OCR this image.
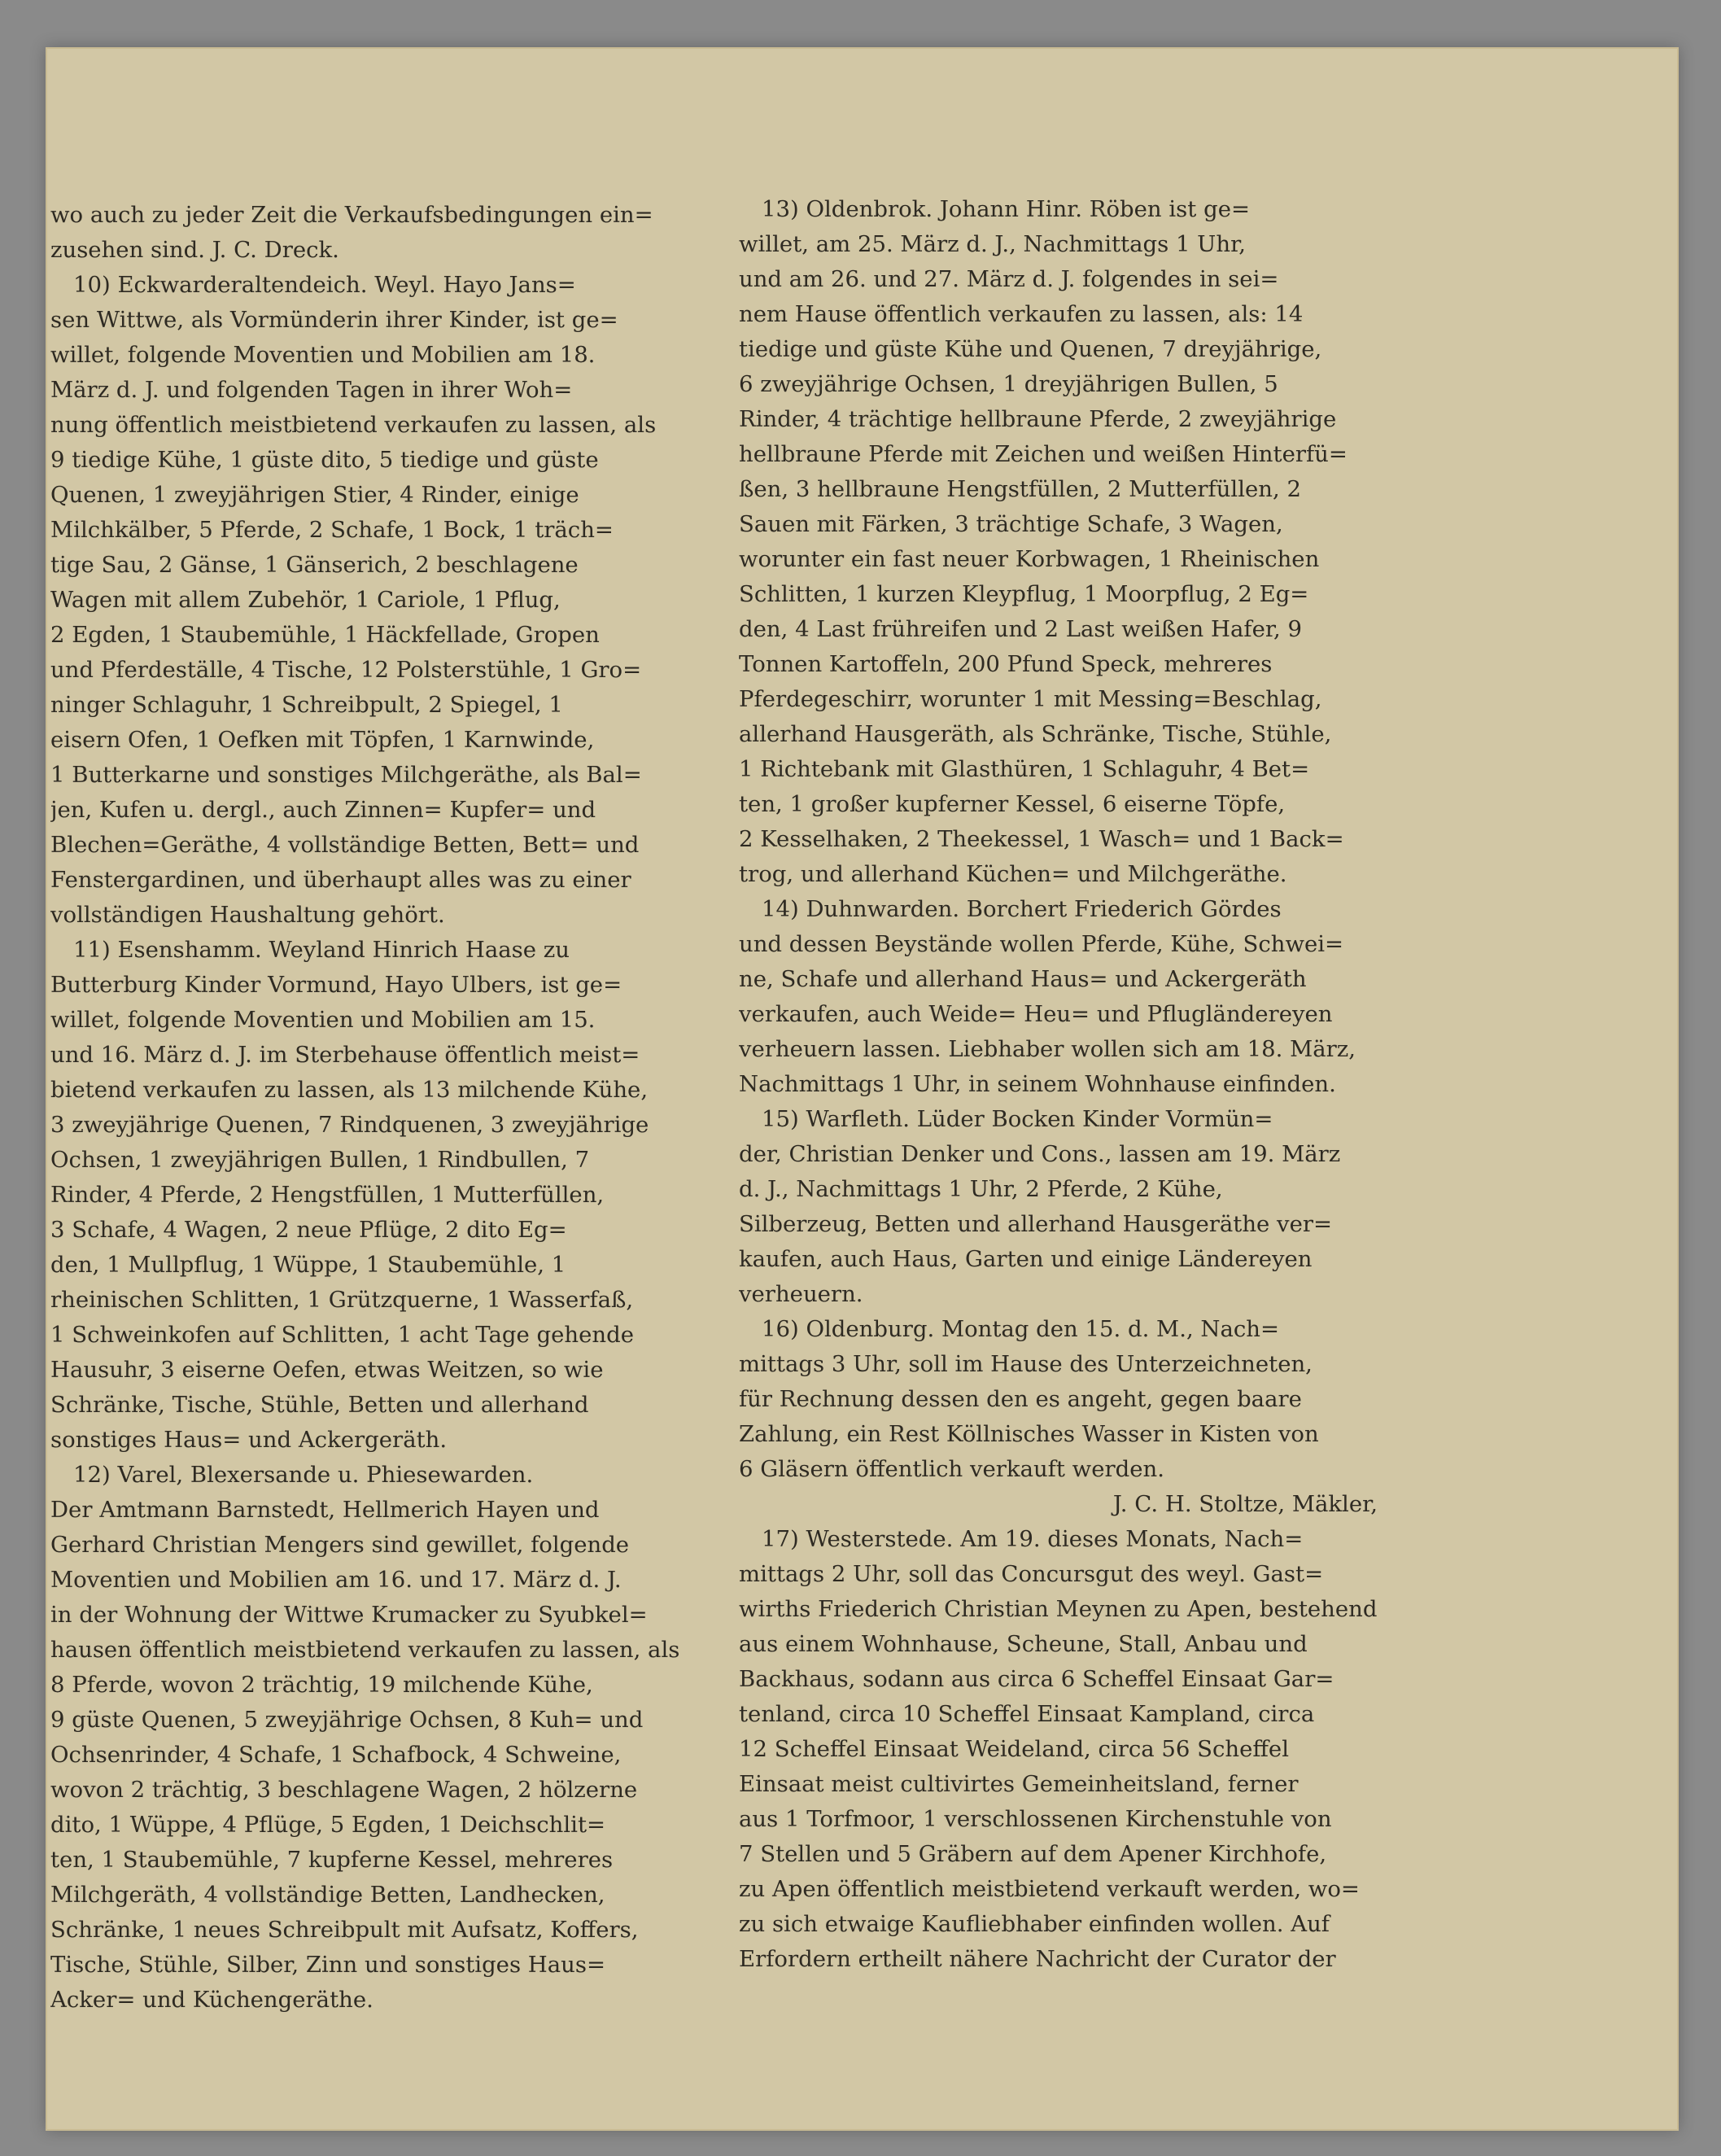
wo auch zu jeder Zeit die Verkaufsbedingungen ein=
zusehen sind. J. C. Dreck.
10) Eckwarderaltendeich. Weyl. Hayo Jans=
sen Wittwe, als Vormünderin ihrer Kinder, ist ge=
willet, folgende Moventien und Mobilien am 18.
März d. J. und folgenden Tagen in ihrer Woh=
nung öffentlich meistbietend verkaufen zu lassen, als
9 tiedige Kühe, 1 güste dito, 5 tiedige und güste
Quenen, 1 zweyjährigen Stier, 4 Rinder, einige
Milchkälber, 5 Pferde, 2 Schafe, 1 Bock, 1 träch=
tige Sau, 2 Gänse, 1 Gänserich, 2 beschlagene
Wagen mit allem Zubehör, 1 Cariole, 1 Pflug,
2 Egden, 1 Staubemühle, 1 Häckfellade, Gropen
und Pferdeställe, 4 Tische, 12 Polsterstühle, 1 Gro=
ninger Schlaguhr, 1 Schreibpult, 2 Spiegel, 1
eisern Ofen, 1 Oefken mit Töpfen, 1 Karnwinde,
1 Butterkarne und sonstiges Milchgeräthe, als Bal=
jen, Kufen u. dergl., auch Zinnen= Kupfer= und
Blechen=Geräthe, 4 vollständige Betten, Bett= und
Fenstergardinen, und überhaupt alles was zu einer
vollständigen Haushaltung gehört.
11) Esenshamm. Weyland Hinrich Haase zu
Butterburg Kinder Vormund, Hayo Ulbers, ist ge=
willet, folgende Moventien und Mobilien am 15.
und 16. März d. J. im Sterbehause öffentlich meist=
bietend verkaufen zu lassen, als 13 milchende Kühe,
3 zweyjährige Quenen, 7 Rindquenen, 3 zweyjährige
Ochsen, 1 zweyjährigen Bullen, 1 Rindbullen, 7
Rinder, 4 Pferde, 2 Hengstfüllen, 1 Mutterfüllen,
3 Schafe, 4 Wagen, 2 neue Pflüge, 2 dito Eg=
den, 1 Mullpflug, 1 Wüppe, 1 Staubemühle, 1
rheinischen Schlitten, 1 Grützquerne, 1 Wasserfaß,
1 Schweinkofen auf Schlitten, 1 acht Tage gehende
Hausuhr, 3 eiserne Oefen, etwas Weitzen, so wie
Schränke, Tische, Stühle, Betten und allerhand
sonstiges Haus= und Ackergeräth.
12) Varel, Blexersande u. Phiesewarden.
Der Amtmann Barnstedt, Hellmerich Hayen und
Gerhard Christian Mengers sind gewillet, folgende
Moventien und Mobilien am 16. und 17. März d. J.
in der Wohnung der Wittwe Krumacker zu Syubkel=
hausen öffentlich meistbietend verkaufen zu lassen, als
8 Pferde, wovon 2 trächtig, 19 milchende Kühe,
9 güste Quenen, 5 zweyjährige Ochsen, 8 Kuh= und
Ochsenrinder, 4 Schafe, 1 Schafbock, 4 Schweine,
wovon 2 trächtig, 3 beschlagene Wagen, 2 hölzerne
dito, 1 Wüppe, 4 Pflüge, 5 Egden, 1 Deichschlit=
ten, 1 Staubemühle, 7 kupferne Kessel, mehreres
Milchgeräth, 4 vollständige Betten, Landhecken,
Schränke, 1 neues Schreibpult mit Aufsatz, Koffers,
Tische, Stühle, Silber, Zinn und sonstiges Haus=
Acker= und Küchengeräthe.
13) Oldenbrok. Johann Hinr. Röben ist ge=
willet, am 25. März d. J., Nachmittags 1 Uhr,
und am 26. und 27. März d. J. folgendes in sei=
nem Hause öffentlich verkaufen zu lassen, als: 14
tiedige und güste Kühe und Quenen, 7 dreyjährige,
6 zweyjährige Ochsen, 1 dreyjährigen Bullen, 5
Rinder, 4 trächtige hellbraune Pferde, 2 zweyjährige
hellbraune Pferde mit Zeichen und weißen Hinterfü=
ßen, 3 hellbraune Hengstfüllen, 2 Mutterfüllen, 2
Sauen mit Färken, 3 trächtige Schafe, 3 Wagen,
worunter ein fast neuer Korbwagen, 1 Rheinischen
Schlitten, 1 kurzen Kleypflug, 1 Moorpflug, 2 Eg=
den, 4 Last frühreifen und 2 Last weißen Hafer, 9
Tonnen Kartoffeln, 200 Pfund Speck, mehreres
Pferdegeschirr, worunter 1 mit Messing=Beschlag,
allerhand Hausgeräth, als Schränke, Tische, Stühle,
1 Richtebank mit Glasthüren, 1 Schlaguhr, 4 Bet=
ten, 1 großer kupferner Kessel, 6 eiserne Töpfe,
2 Kesselhaken, 2 Theekessel, 1 Wasch= und 1 Back=
trog, und allerhand Küchen= und Milchgeräthe.
14) Duhnwarden. Borchert Friederich Gördes
und dessen Beystände wollen Pferde, Kühe, Schwei=
ne, Schafe und allerhand Haus= und Ackergeräth
verkaufen, auch Weide= Heu= und Pflugländereyen
verheuern lassen. Liebhaber wollen sich am 18. März,
Nachmittags 1 Uhr, in seinem Wohnhause einfinden.
15) Warfleth. Lüder Bocken Kinder Vormün=
der, Christian Denker und Cons., lassen am 19. März
d. J., Nachmittags 1 Uhr, 2 Pferde, 2 Kühe,
Silberzeug, Betten und allerhand Hausgeräthe ver=
kaufen, auch Haus, Garten und einige Ländereyen
verheuern.
16) Oldenburg. Montag den 15. d. M., Nach=
mittags 3 Uhr, soll im Hause des Unterzeichneten,
für Rechnung dessen den es angeht, gegen baare
Zahlung, ein Rest Köllnisches Wasser in Kisten von
6 Gläsern öffentlich verkauft werden.
J. C. H. Stoltze, Mäkler,
17) Westerstede. Am 19. dieses Monats, Nach=
mittags 2 Uhr, soll das Concursgut des weyl. Gast=
wirths Friederich Christian Meynen zu Apen, bestehend
aus einem Wohnhause, Scheune, Stall, Anbau und
Backhaus, sodann aus circa 6 Scheffel Einsaat Gar=
tenland, circa 10 Scheffel Einsaat Kampland, circa
12 Scheffel Einsaat Weideland, circa 56 Scheffel
Einsaat meist cultivirtes Gemeinheitsland, ferner
aus 1 Torfmoor, 1 verschlossenen Kirchenstuhle von
7 Stellen und 5 Gräbern auf dem Apener Kirchhofe,
zu Apen öffentlich meistbietend verkauft werden, wo=
zu sich etwaige Kaufliebhaber einfinden wollen. Auf
Erfordern ertheilt nähere Nachricht der Curator der
